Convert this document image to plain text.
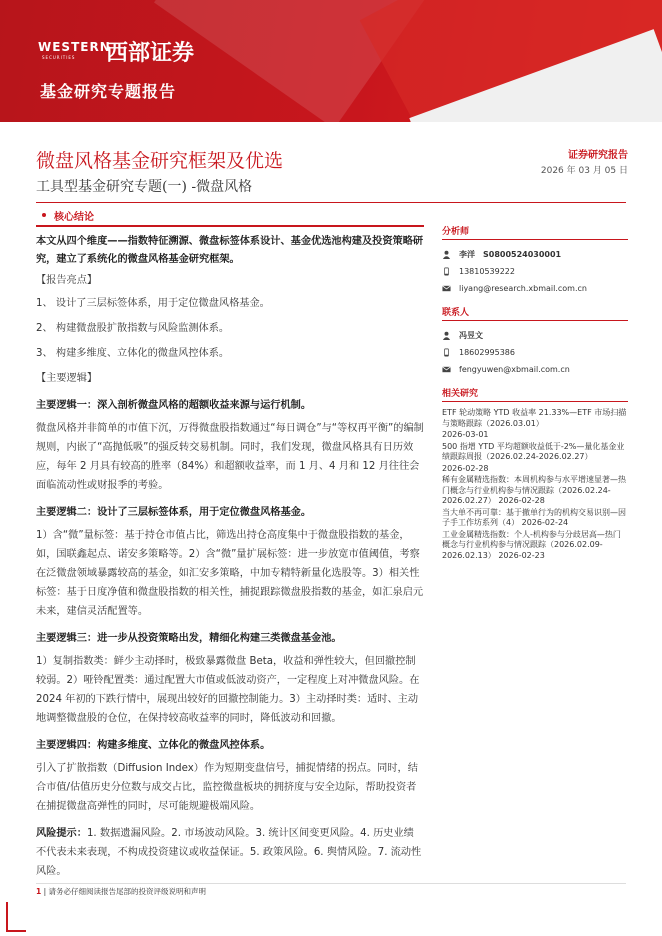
WESTERN
SECURITIES 西部证券
基金研究专题报告
微盘风格基金研究框架及优选
工具型基金研究专题(一) -微盘风格
证券研究报告
2026 年 03 月 05 日
核心结论
本文从四个维度——指数特征溯源、微盘标签体系设计、基金优选池构建及投资策略研究，建立了系统化的微盘风格基金研究框架。
【报告亮点】
1、 设计了三层标签体系，用于定位微盘风格基金。
2、 构建微盘股扩散指数与风险监测体系。
3、 构建多维度、立体化的微盘风控体系。
【主要逻辑】
主要逻辑一：深入剖析微盘风格的超额收益来源与运行机制。

微盘风格并非简单的市值下沉，万得微盘股指数通过“每日调仓”与“等权再平衡”的编制规则，内嵌了“高抛低吸”的强反转交易机制。同时，我们发现，微盘风格具有日历效应，每年 2 月具有较高的胜率（84%）和超额收益率，而 1 月、4 月和 12 月往往会面临流动性或财报季的考验。

主要逻辑二：设计了三层标签体系，用于定位微盘风格基金。

1）含“微”量标签：基于持仓市值占比，筛选出持仓高度集中于微盘股指数的基金，如，国联鑫起点、诺安多策略等。2）含“微”量扩展标签：进一步放宽市值阈值，考察在泛微盘领域暴露较高的基金，如汇安多策略，中加专精特新量化选股等。3）相关性标签：基于日度净值和微盘股指数的相关性，捕捉跟踪微盘股指数的基金，如汇泉启元未来，建信灵活配置等。

主要逻辑三：进一步从投资策略出发，精细化构建三类微盘基金池。

1）复制指数类：鲜少主动择时，极致暴露微盘 Beta，收益和弹性较大，但回撤控制较弱。2）哑铃配置类：通过配置大市值或低波动资产，一定程度上对冲微盘风险。在 2024 年初的下跌行情中，展现出较好的回撤控制能力。3）主动择时类：适时、主动地调整微盘股的仓位，在保持较高收益率的同时，降低波动和回撤。

主要逻辑四：构建多维度、立体化的微盘风控体系。

引入了扩散指数（Diffusion Index）作为短期变盘信号，捕捉情绪的拐点。同时，结合市值/估值历史分位数与成交占比，监控微盘板块的拥挤度与安全边际，帮助投资者在捕捉微盘高弹性的同时，尽可能规避极端风险。

风险提示：1. 数据遗漏风险。2. 市场波动风险。3. 统计区间变更风险。4. 历史业绩不代表未来表现，不构成投资建议或收益保证。5. 政策风险。6. 舆情风险。7. 流动性风险。
分析师
李洋 S0800524030001
13810539222
liyang@research.xbmail.com.cn
联系人
冯昱文
18602995386
fengyuwen@xbmail.com.cn
相关研究
ETF 轮动策略 YTD 收益率 21.33%—ETF 市场扫描与策略跟踪（2026.03.01）
2026-03-01
500 指增 YTD 平均超额收益低于-2%—量化基金业绩跟踪周报（2026.02.24-2026.02.27）
2026-02-28
稀有金属精选指数：本周机构参与水平增速显著—热门概念与行业机构参与情况跟踪（2026.02.24-2026.02.27） 2026-02-28
当大单不再可靠：基于撤单行为的机构交易识别—因子手工作坊系列（4） 2026-02-24
工业金属精选指数：个人-机构参与分歧居高—热门概念与行业机构参与情况跟踪（2026.02.09-2026.02.13） 2026-02-23
1 | 请务必仔细阅读报告尾部的投资评级说明和声明
